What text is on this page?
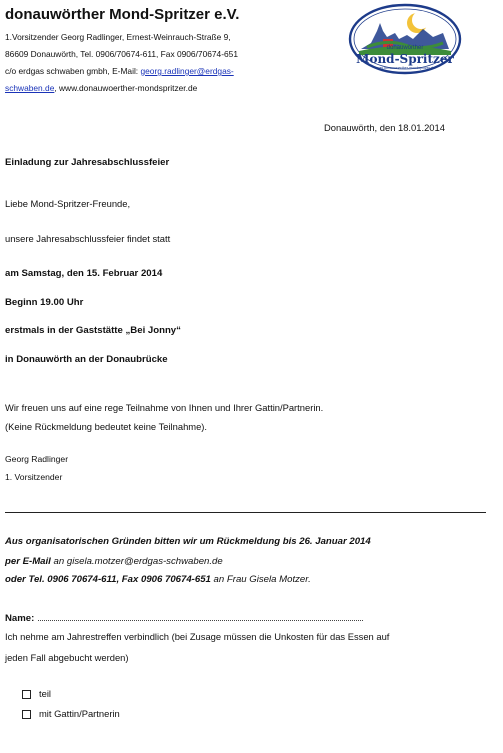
donauwörther Mond-Spritzer e.V.
1.Vorsitzender Georg Radlinger, Ernest-Weinrauch-Straße 9,
86609 Donauwörth, Tel. 0906/70674-611, Fax 0906/70674-651
c/o erdgas schwaben gmbh, E-Mail: georg.radlinger@erdgas-
schwaben.de, www.donauwoerther-mondspritzer.de
donauwörther
Mond-Spritzer
www.donauwoerther-mondspritzer.de
Donauwörth, den 18.01.2014
Einladung zur Jahresabschlussfeier
Liebe Mond-Spritzer-Freunde,
unsere Jahresabschlussfeier findet statt
am Samstag, den 15. Februar 2014
Beginn 19.00 Uhr
erstmals in der Gaststätte „Bei Jonny“
in Donauwörth an der Donaubrücke
Wir freuen uns auf eine rege Teilnahme von Ihnen und Ihrer Gattin/Partnerin.
(Keine Rückmeldung bedeutet keine Teilnahme).
Georg Radlinger
1. Vorsitzender
Aus organisatorischen Gründen bitten wir um Rückmeldung bis 26. Januar 2014
per E-Mail an gisela.motzer@erdgas-schwaben.de
oder Tel. 0906 70674-611, Fax 0906 70674-651 an Frau Gisela Motzer.
Name:
Ich nehme am Jahrestreffen verbindlich (bei Zusage müssen die Unkosten für das Essen auf
jeden Fall abgebucht werden)
teil
mit Gattin/Partnerin
